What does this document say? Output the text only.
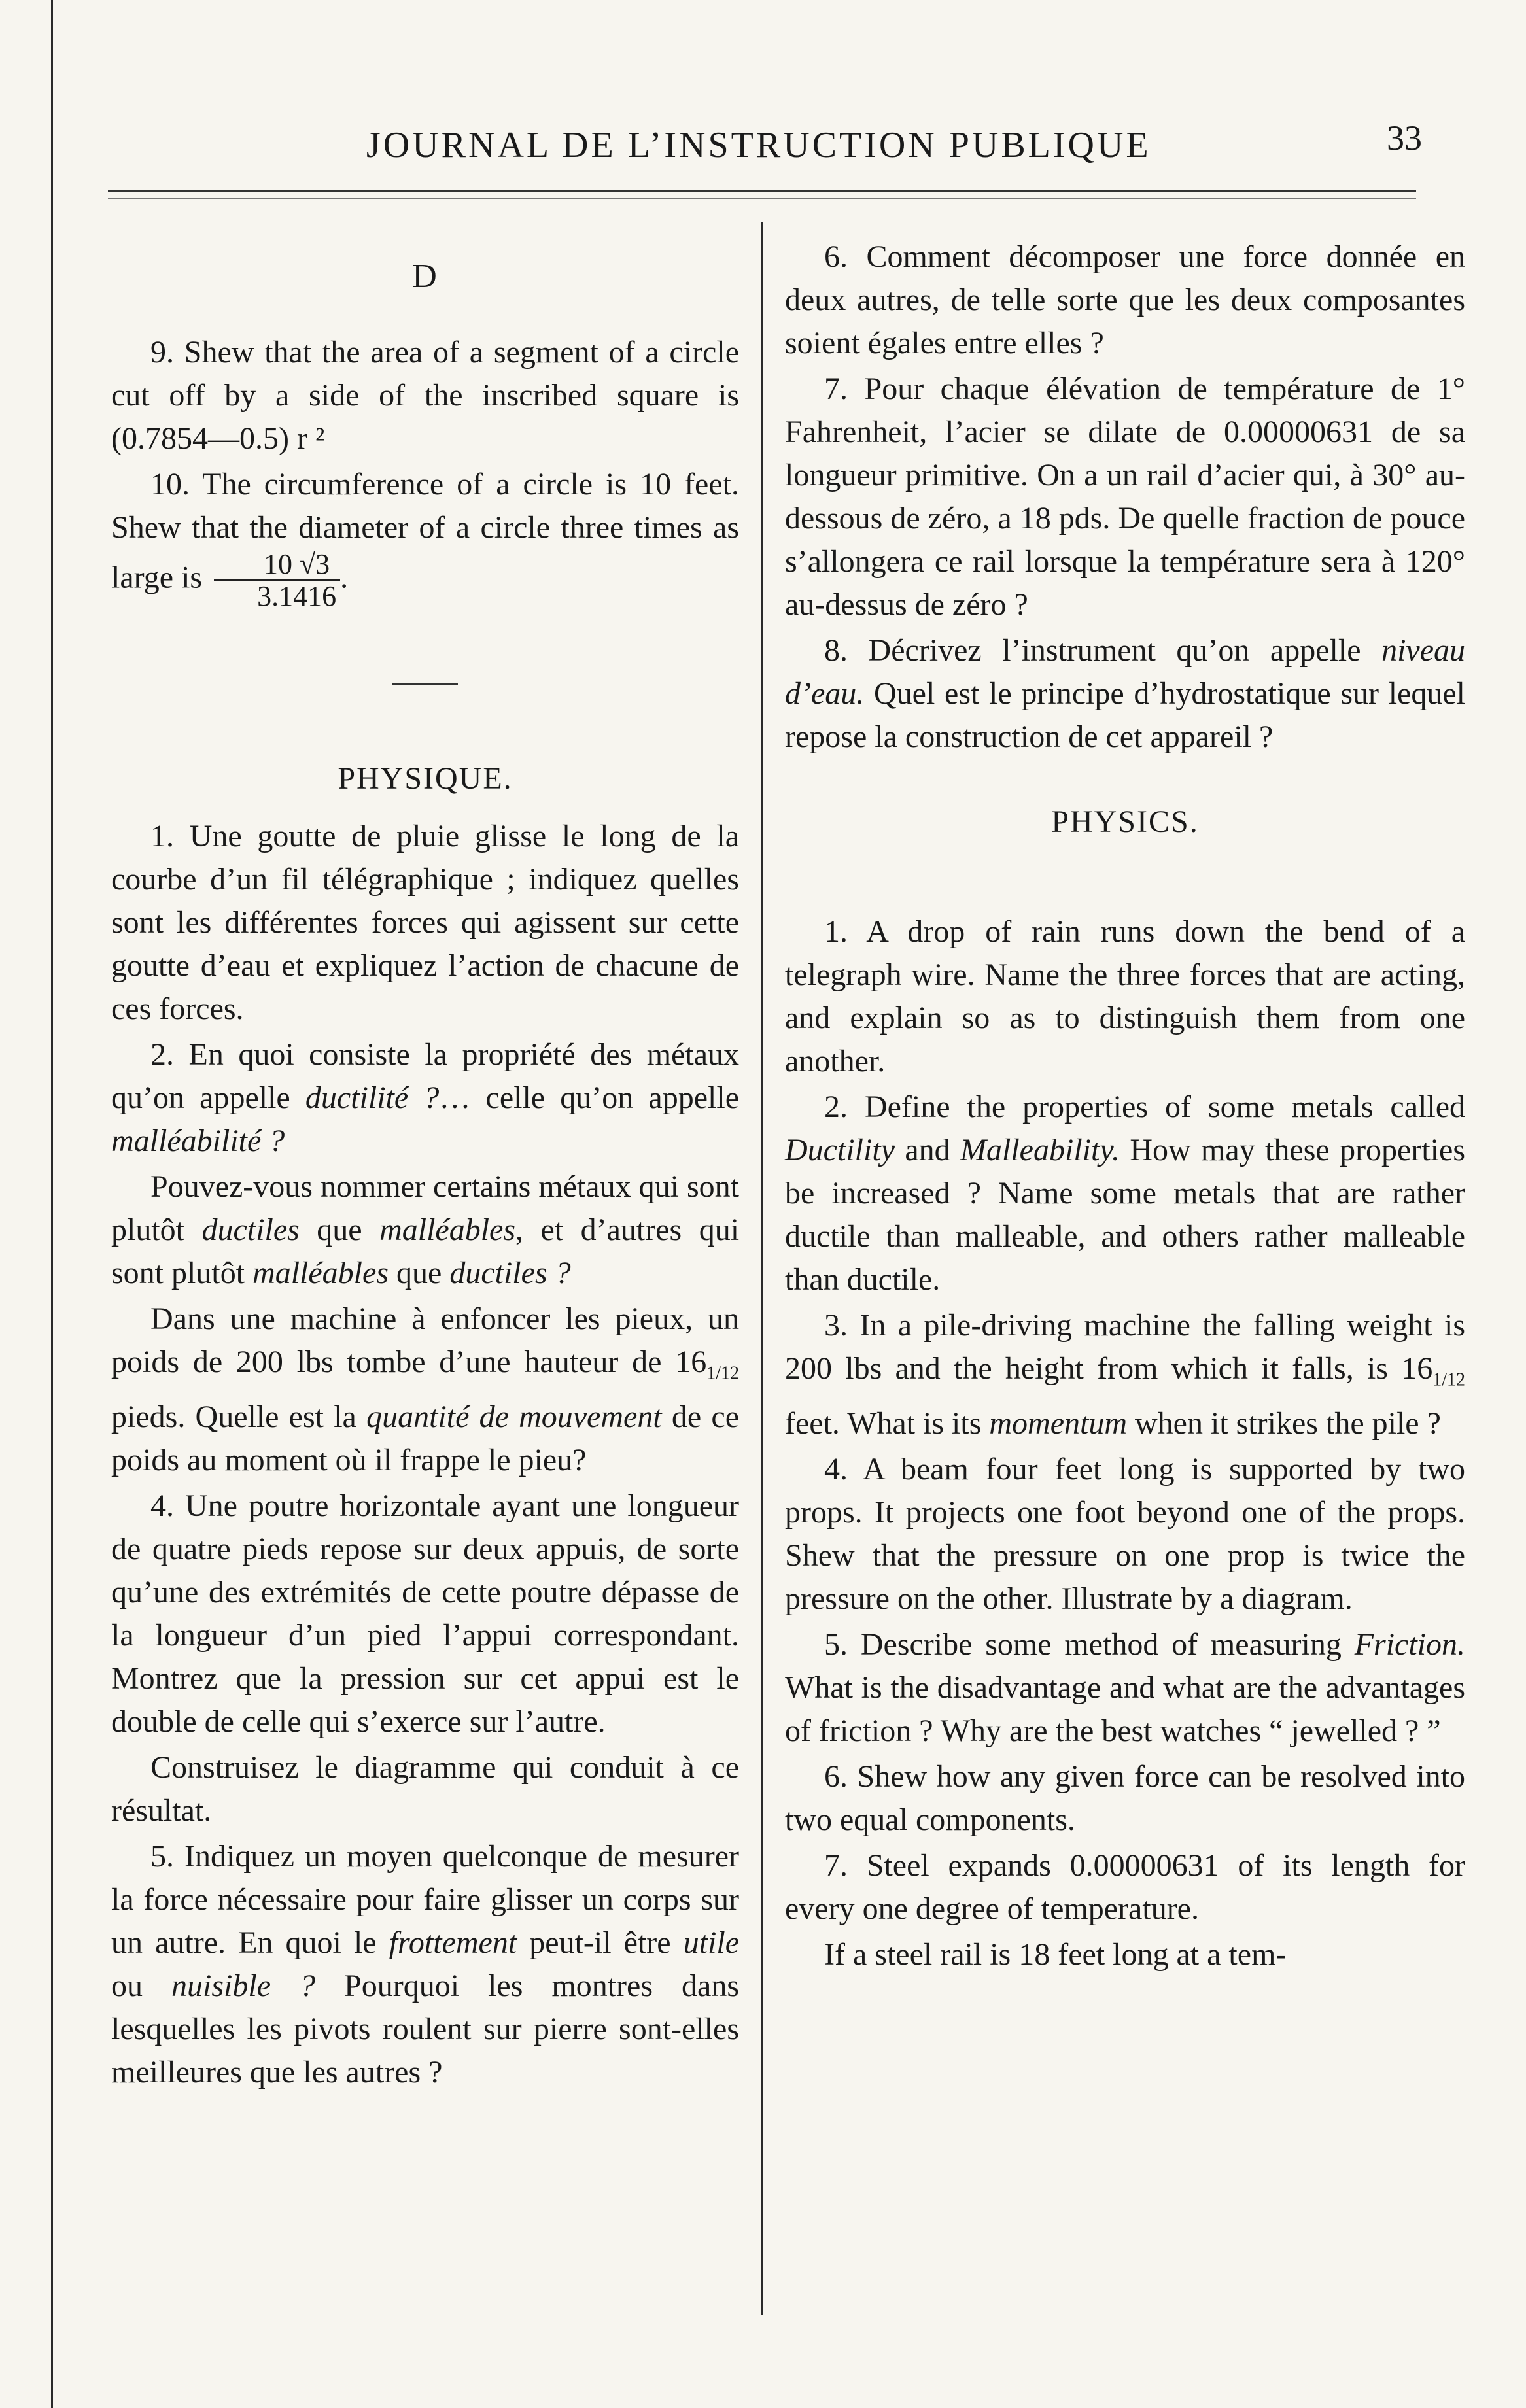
JOURNAL DE L’INSTRUCTION PUBLIQUE	33
D

9. Shew that the area of a segment of a circle cut off by a side of the inscribed square is (0.7854—0.5) r ²

10. The circumference of a circle is 10 feet. Shew that the diameter of a circle three times as large is $\frac{10 √3}{3.1416}$ .

PHYSIQUE.

1. Une goutte de pluie glisse le long de la courbe d’un fil télégraphique ; indiquez quelles sont les différentes forces qui agissent sur cette goutte d’eau et expliquez l’action de chacune de ces forces.

2. En quoi consiste la propriété des métaux qu’on appelle ductilité ?… celle qu’on appelle malléabilité ?

Pouvez-vous nommer certains métaux qui sont plutôt ductiles que malléables, et d’autres qui sont plutôt malléables que ductiles ?

Dans une machine à enfoncer les pieux, un poids de 200 lbs tombe d’une hauteur de $16_{1/12}$ pieds. Quelle est la quantité de mouvement de ce poids au moment où il frappe le pieu?

4. Une poutre horizontale ayant une longueur de quatre pieds repose sur deux appuis, de sorte qu’une des extrémités de cette poutre dépasse de la longueur d’un pied l’appui correspondant. Montrez que la pression sur cet appui est le double de celle qui s’exerce sur l’autre.

Construisez le diagramme qui conduit à ce résultat.

5. Indiquez un moyen quelconque de mesurer la force nécessaire pour faire glisser un corps sur un autre. En quoi le frottement peut-il être utile ou nuisible ? Pourquoi les montres dans lesquelles les pivots roulent sur pierre sont-elles meilleures que les autres ?

6. Comment décomposer une force donnée en deux autres, de telle sorte que les deux composantes soient égales entre elles ?

7. Pour chaque élévation de température de 1° Fahrenheit, l’acier se dilate de 0.00000631 de sa longueur primitive. On a un rail d’acier qui, à 30° au-dessous de zéro, a 18 pds. De quelle fraction de pouce s’allongera ce rail lorsque la température sera à 120° au-dessus de zéro ?

8. Décrivez l’instrument qu’on appelle niveau d’eau. Quel est le principe d’hydrostatique sur lequel repose la construction de cet appareil ?

PHYSICS.

1. A drop of rain runs down the bend of a telegraph wire. Name the three forces that are acting, and explain so as to distinguish them from one another.

2. Define the properties of some metals called Ductility and Malleability. How may these properties be increased ? Name some metals that are rather ductile than malleable, and others rather malleable than ductile.

3. In a pile-driving machine the falling weight is 200 lbs and the height from which it falls, is $16_{1/12}$ feet. What is its momentum when it strikes the pile ?

4. A beam four feet long is supported by two props. It projects one foot beyond one of the props. Shew that the pressure on one prop is twice the pressure on the other. Illustrate by a diagram.

5. Describe some method of measuring Friction. What is the disadvantage and what are the advantages of friction ? Why are the best watches “ jewelled ? ”

6. Shew how any given force can be resolved into two equal components.

7. Steel expands 0.00000631 of its length for every one degree of temperature.

If a steel rail is 18 feet long at a tem-
